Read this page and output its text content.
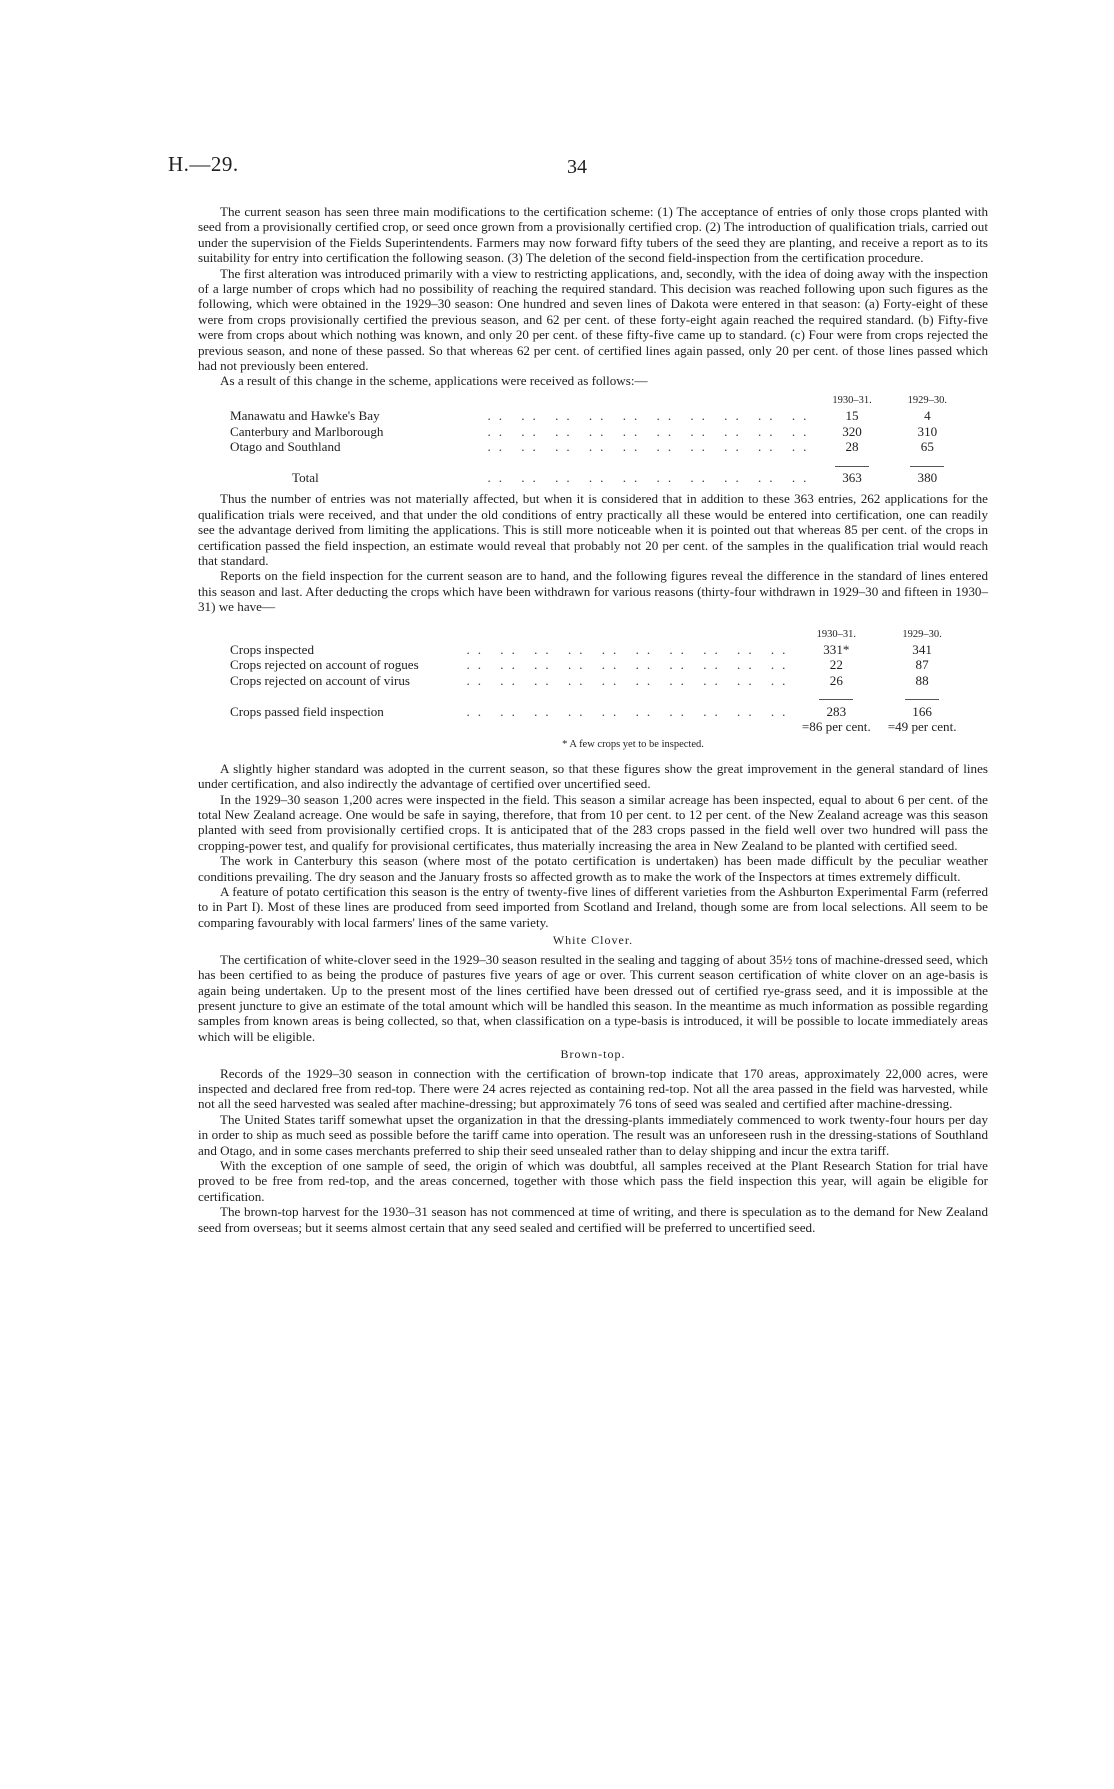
H.—29.	34

The current season has seen three main modifications to the certification scheme: (1) The acceptance of entries of only those crops planted with seed from a provisionally certified crop, or seed once grown from a provisionally certified crop. (2) The introduction of qualification trials, carried out under the supervision of the Fields Superintendents. Farmers may now forward fifty tubers of the seed they are planting, and receive a report as to its suitability for entry into certification the following season. (3) The deletion of the second field-inspection from the certification procedure.

The first alteration was introduced primarily with a view to restricting applications, and, secondly, with the idea of doing away with the inspection of a large number of crops which had no possibility of reaching the required standard. This decision was reached following upon such figures as the following, which were obtained in the 1929–30 season: One hundred and seven lines of Dakota were entered in that season: (a) Forty-eight of these were from crops provisionally certified the previous season, and 62 per cent. of these forty-eight again reached the required standard. (b) Fifty-five were from crops about which nothing was known, and only 20 per cent. of these fifty-five came up to standard. (c) Four were from crops rejected the previous season, and none of these passed. So that whereas 62 per cent. of certified lines again passed, only 20 per cent. of those lines passed which had not previously been entered.

As a result of this change in the scheme, applications were received as follows:—

		1930–31.	1929–30.
Manawatu and Hawke's Bay	.. .. .. .. .. .. .. .. .. ..	15	4
Canterbury and Marlborough	.. .. .. .. .. .. .. .. .. ..	320	310
Otago and Southland	.. .. .. .. .. .. .. .. .. ..	28	65

Total	.. .. .. .. .. .. .. .. .. ..	363	380

Thus the number of entries was not materially affected, but when it is considered that in addition to these 363 entries, 262 applications for the qualification trials were received, and that under the old conditions of entry practically all these would be entered into certification, one can readily see the advantage derived from limiting the applications. This is still more noticeable when it is pointed out that whereas 85 per cent. of the crops in certification passed the field inspection, an estimate would reveal that probably not 20 per cent. of the samples in the qualification trial would reach that standard.

Reports on the field inspection for the current season are to hand, and the following figures reveal the difference in the standard of lines entered this season and last. After deducting the crops which have been withdrawn for various reasons (thirty-four withdrawn in 1929–30 and fifteen in 1930–31) we have—

		1930–31.	1929–30.
Crops inspected	.. .. .. .. .. .. .. .. .. ..	331*	341
Crops rejected on account of rogues	.. .. .. .. .. .. .. .. .. ..	22	87
Crops rejected on account of virus	.. .. .. .. .. .. .. .. .. ..	26	88

Crops passed field inspection	.. .. .. .. .. .. .. .. .. ..	283	166
		=86 per cent.	=49 per cent.
* A few crops yet to be inspected.

A slightly higher standard was adopted in the current season, so that these figures show the great improvement in the general standard of lines under certification, and also indirectly the advantage of certified over uncertified seed.

In the 1929–30 season 1,200 acres were inspected in the field. This season a similar acreage has been inspected, equal to about 6 per cent. of the total New Zealand acreage. One would be safe in saying, therefore, that from 10 per cent. to 12 per cent. of the New Zealand acreage was this season planted with seed from provisionally certified crops. It is anticipated that of the 283 crops passed in the field well over two hundred will pass the cropping-power test, and qualify for provisional certificates, thus materially increasing the area in New Zealand to be planted with certified seed.

The work in Canterbury this season (where most of the potato certification is undertaken) has been made difficult by the peculiar weather conditions prevailing. The dry season and the January frosts so affected growth as to make the work of the Inspectors at times extremely difficult.

A feature of potato certification this season is the entry of twenty-five lines of different varieties from the Ashburton Experimental Farm (referred to in Part I). Most of these lines are produced from seed imported from Scotland and Ireland, though some are from local selections. All seem to be comparing favourably with local farmers' lines of the same variety.

White Clover.

The certification of white-clover seed in the 1929–30 season resulted in the sealing and tagging of about 35½ tons of machine-dressed seed, which has been certified to as being the produce of pastures five years of age or over. This current season certification of white clover on an age-basis is again being undertaken. Up to the present most of the lines certified have been dressed out of certified rye-grass seed, and it is impossible at the present juncture to give an estimate of the total amount which will be handled this season. In the meantime as much information as possible regarding samples from known areas is being collected, so that, when classification on a type-basis is introduced, it will be possible to locate immediately areas which will be eligible.

Brown-top.

Records of the 1929–30 season in connection with the certification of brown-top indicate that 170 areas, approximately 22,000 acres, were inspected and declared free from red-top. There were 24 acres rejected as containing red-top. Not all the area passed in the field was harvested, while not all the seed harvested was sealed after machine-dressing; but approximately 76 tons of seed was sealed and certified after machine-dressing.

The United States tariff somewhat upset the organization in that the dressing-plants immediately commenced to work twenty-four hours per day in order to ship as much seed as possible before the tariff came into operation. The result was an unforeseen rush in the dressing-stations of Southland and Otago, and in some cases merchants preferred to ship their seed unsealed rather than to delay shipping and incur the extra tariff.

With the exception of one sample of seed, the origin of which was doubtful, all samples received at the Plant Research Station for trial have proved to be free from red-top, and the areas concerned, together with those which pass the field inspection this year, will again be eligible for certification.

The brown-top harvest for the 1930–31 season has not commenced at time of writing, and there is speculation as to the demand for New Zealand seed from overseas; but it seems almost certain that any seed sealed and certified will be preferred to uncertified seed.
